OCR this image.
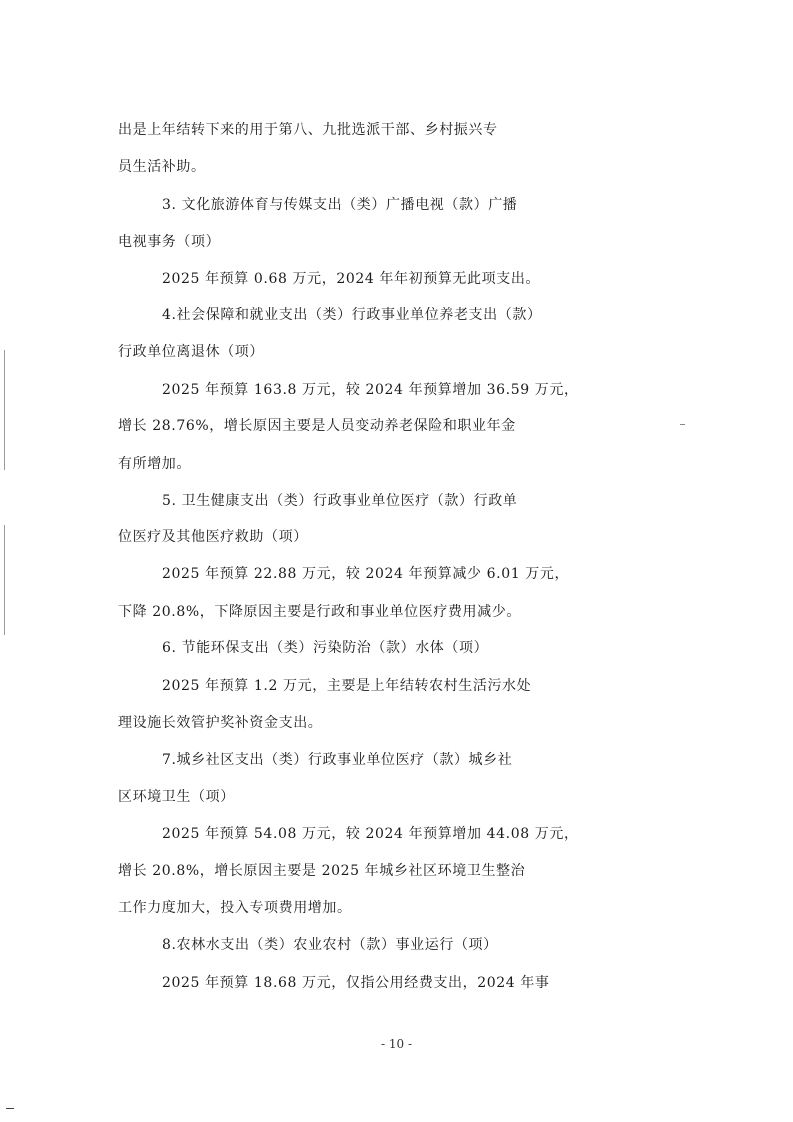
出是上年结转下来的用于第八、九批选派干部、乡村振兴专
员生活补助。
3. 文化旅游体育与传媒支出（类）广播电视（款）广播
电视事务（项）
2025 年预算 0.68 万元，2024 年年初预算无此项支出。
4.社会保障和就业支出（类）行政事业单位养老支出（款）
行政单位离退休（项）
2025 年预算 163.8 万元，较 2024 年预算增加 36.59 万元，
增长 28.76%，增长原因主要是人员变动养老保险和职业年金
有所增加。
5. 卫生健康支出（类）行政事业单位医疗（款）行政单
位医疗及其他医疗救助（项）
2025 年预算 22.88 万元，较 2024 年预算减少 6.01 万元，
下降 20.8%，下降原因主要是行政和事业单位医疗费用减少。
6. 节能环保支出（类）污染防治（款）水体（项）
2025 年预算 1.2 万元，主要是上年结转农村生活污水处
理设施长效管护奖补资金支出。
7.城乡社区支出（类）行政事业单位医疗（款）城乡社
区环境卫生（项）
2025 年预算 54.08 万元，较 2024 年预算增加 44.08 万元，
增长 20.8%，增长原因主要是 2025 年城乡社区环境卫生整治
工作力度加大，投入专项费用增加。
8.农林水支出（类）农业农村（款）事业运行（项）
2025 年预算 18.68 万元，仅指公用经费支出，2024 年事
- 10 -
